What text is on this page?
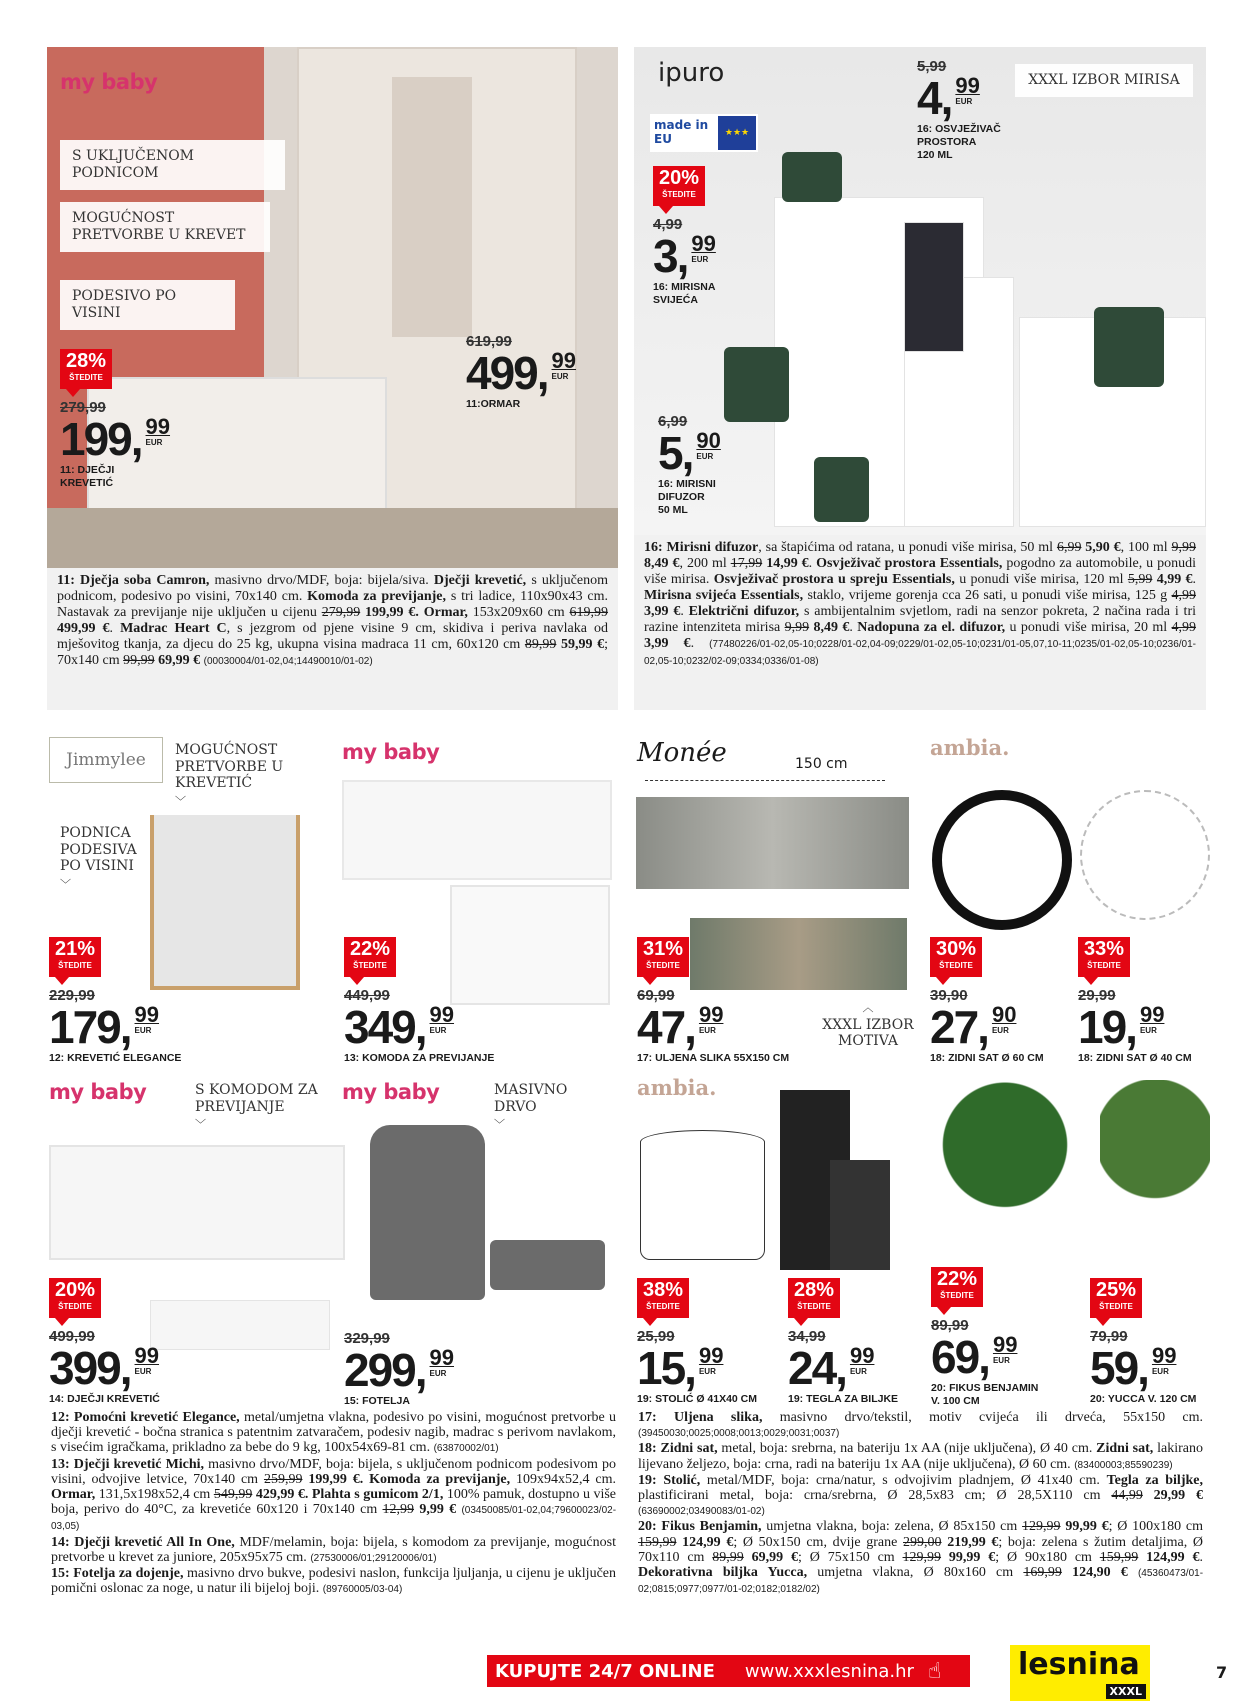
my baby
S UKLJUČENOM PODNICOM
MOGUĆNOST PRETVORBE U KREVET
PODESIVO PO VISINI
11: Dječja soba Camron, masivno drvo/MDF, boja: bijela/siva. Dječji krevetić, s uključenom podnicom, podesivo po visini, 70x140 cm. Komoda za previjanje, s tri ladice, 110x90x43 cm. Nastavak za previjanje nije uključen u cijenu 279,99 199,99 €. Ormar, 153x209x60 cm 619,99 499,99 €. Madrac Heart C, s jezgrom od pjene visine 9 cm, skidiva i periva navlaka od mješovitog tkanja, za djecu do 25 kg, ukupna visina madraca 11 cm, 60x120 cm 89,99 59,99 €; 70x140 cm 99,99 69,99 € (00030004/01-02,04;14490010/01-02)
ipuro
made in EU	★★★
XXXL IZBOR MIRISA
16: Mirisni difuzor, sa štapićima od ratana, u ponudi više mirisa, 50 ml 6,99 5,90 €, 100 ml 9,99 8,49 €, 200 ml 17,99 14,99 €. Osvježivač prostora Essentials, pogodno za automobile, u ponudi više mirisa. Osvježivač prostora u spreju Essentials, u ponudi više mirisa, 120 ml 5,99 4,99 €. Mirisna svijeća Essentials, staklo, vrijeme gorenja cca 26 sati, u ponudi više mirisa, 125 g 4,99 3,99 €. Električni difuzor, s ambijentalnim svjetlom, radi na senzor pokreta, 2 načina rada i tri razine intenziteta mirisa 9,99 8,49 €. Nadopuna za el. difuzor, u ponudi više mirisa, 20 ml 4,99 3,99 €. (77480226/01-02,05-10;0228/01-02,04-09;0229/01-02,05-10;0231/01-05,07,10-11;0235/01-02,05-10;0236/01-02,05-10;0232/02-09;0334;0336/01-08)
Jimmylee	MOGUĆNOST PRETVORBE U KREVETIĆ
﹀
PODNICA PODESIVA PO VISINI
﹀
my baby	Monée	150 cm
︿
XXXL IZBOR MOTIVA
ambia.
my baby	S KOMODOM ZA PREVIJANJE
﹀
my baby	MASIVNO DRVO
﹀
ambia.
28%
ŠTEDITE
279,99
199, 99
EUR
11: DJEČJI
KREVETIĆ
619,99
499, 99
EUR
11:ORMAR
20%
ŠTEDITE
4,99
3, 99
EUR
16: MIRISNA
SVIJEĆA
5,99
4, 99
EUR
16: OSVJEŽIVAČ
PROSTORA
120 ML
6,99
5, 90
EUR
16: MIRISNI
DIFUZOR
50 ML
21%
ŠTEDITE
229,99
179, 99
EUR
12: KREVETIĆ ELEGANCE
22%
ŠTEDITE
449,99
349, 99
EUR
13: KOMODA ZA PREVIJANJE
31%
ŠTEDITE
69,99
47, 99
EUR
17: ULJENA SLIKA 55X150 CM
30%
ŠTEDITE
39,90
27, 90
EUR
18: ZIDNI SAT Ø 60 CM
33%
ŠTEDITE
29,99
19, 99
EUR
18: ZIDNI SAT Ø 40 CM
20%
ŠTEDITE
499,99
399, 99
EUR
14: DJEČJI KREVETIĆ
329,99
299, 99
EUR
15: FOTELJA
38%
ŠTEDITE
25,99
15, 99
EUR
19: STOLIĆ Ø 41X40 CM
28%
ŠTEDITE
34,99
24, 99
EUR
19: TEGLA ZA BILJKE
22%
ŠTEDITE
89,99
69, 99
EUR
20: FIKUS BENJAMIN
V. 100 CM
25%
ŠTEDITE
79,99
59, 99
EUR
20: YUCCA V. 120 CM
12: Pomoćni krevetić Elegance, metal/umjetna vlakna, podesivo po visini, mogućnost pretvorbe u dječji krevetić - bočna stranica s patentnim zatvaračem, podesiv nagib, madrac s perivom navlakom, s visećim igračkama, prikladno za bebe do 9 kg, 100x54x69-81 cm. (63870002/01)
13: Dječji krevetić Michi, masivno drvo/MDF, boja: bijela, s uključenom podnicom podesivom po visini, odvojive letvice, 70x140 cm 259,99 199,99 €. Komoda za previjanje, 109x94x52,4 cm. Ormar, 131,5x198x52,4 cm 549,99 429,99 €. Plahta s gumicom 2/1, 100% pamuk, dostupno u više boja, perivo do 40°C, za krevetiće 60x120 i 70x140 cm 12,99 9,99 € (03450085/01-02,04;79600023/02-03,05)
14: Dječji krevetić All In One, MDF/melamin, boja: bijela, s komodom za previjanje, mogućnost pretvorbe u krevet za juniore, 205x95x75 cm. (27530006/01;29120006/01)
15: Fotelja za dojenje, masivno drvo bukve, podesivi naslon, funkcija ljuljanja, u cijenu je uključen pomični oslonac za noge, u natur ili bijeloj boji. (89760005/03-04)
17: Uljena slika, masivno drvo/tekstil, motiv cvijeća ili drveća, 55x150 cm. (39450030;0025;0008;0013;0029;0031;0037)
18: Zidni sat, metal, boja: srebrna, na bateriju 1x AA (nije uključena), Ø 40 cm. Zidni sat, lakirano lijevano željezo, boja: crna, radi na bateriju 1x AA (nije uključena), Ø 60 cm. (83400003;85590239)
19: Stolić, metal/MDF, boja: crna/natur, s odvojivim pladnjem, Ø 41x40 cm. Tegla za biljke, plastificirani metal, boja: crna/srebrna, Ø 28,5x83 cm; Ø 28,5X110 cm 44,99 29,99 € (63690002;03490083/01-02)
20: Fikus Benjamin, umjetna vlakna, boja: zelena, Ø 85x150 cm 129,99 99,99 €; Ø 100x180 cm 159,99 124,99 €; Ø 50x150 cm, dvije grane 299,00 219,99 €; boja: zelena s žutim detaljima, Ø 70x110 cm 89,99 69,99 €; Ø 75x150 cm 129,99 99,99 €; Ø 90x180 cm 159,99 124,99 €. Dekorativna biljka Yucca, umjetna vlakna, Ø 80x160 cm 169,99 124,90 € (45360473/01-02;0815;0977;0977/01-02;0182;0182/02)
KUPUJTE 24/7 ONLINE www.xxxlesnina.hr ☝	lesnina
XXXL
7
